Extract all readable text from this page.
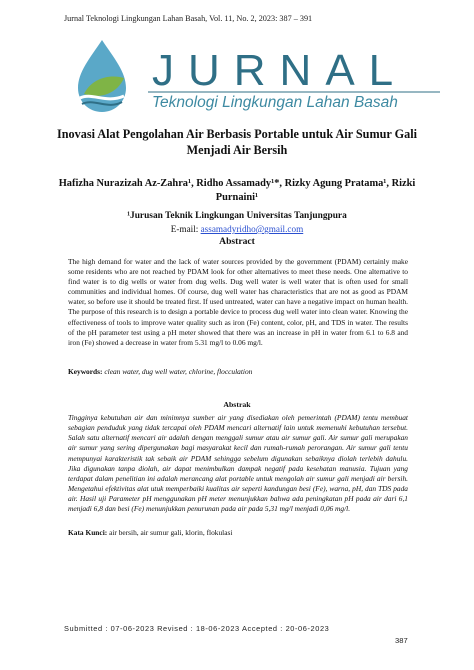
Jurnal Teknologi Lingkungan Lahan Basah, Vol. 11, No. 2, 2023: 387 – 391
JURNAL
Teknologi Lingkungan Lahan Basah
Inovasi Alat Pengolahan Air Berbasis Portable untuk Air Sumur Gali Menjadi Air Bersih
Hafizha Nurazizah Az-Zahra¹, Ridho Assamady¹*, Rizky Agung Pratama¹, Rizki
Purnaini¹
¹Jurusan Teknik Lingkungan Universitas Tanjungpura
E-mail: assamadyridho@gmail.com
Abstract
The high demand for water and the lack of water sources provided by the government (PDAM) certainly make some residents who are not reached by PDAM look for other alternatives to meet these needs. One alternative to find water is to dig wells or water from dug wells. Dug well water is well water that is often used for small communities and individual homes. Of course, dug well water has characteristics that are not as good as PDAM water, so before use it should be treated first. If used untreated, water can have a negative impact on human health. The purpose of this research is to design a portable device to process dug well water into clean water. Knowing the effectiveness of tools to improve water quality such as iron (Fe) content, color, pH, and TDS in water. The results of the pH parameter test using a pH meter showed that there was an increase in pH in water from 6.1 to 6.8 and iron (Fe) showed a decrease in water from 5.31 mg/l to 0.06 mg/l.
Keywords: clean water, dug well water, chlorine, flocculation
Abstrak
Tingginya kebutuhan air dan minimnya sumber air yang disediakan oleh pemerintah (PDAM) tentu membuat sebagian penduduk yang tidak tercapai oleh PDAM mencari alternatif lain untuk memenuhi kebutuhan tersebut. Salah satu alternatif mencari air adalah dengan menggali sumur atau air sumur gali. Air sumur gali merupakan air sumur yang sering dipergunakan bagi masyarakat kecil dan rumah-rumah perorangan. Air sumur gali tentu mempunyai karakteristik tak sebaik air PDAM sehingga sebelum digunakan sebaiknya diolah terlebih dahulu. Jika digunakan tanpa diolah, air dapat menimbulkan dampak negatif pada kesehatan manusia. Tujuan yang terdapat dalam penelitian ini adalah merancang alat portable untuk mengolah air sumur gali menjadi air bersih. Mengetahui efektivitas alat utuk memperbaiki kualitas air seperti kandungan besi (Fe), warna, pH, dan TDS pada air. Hasil uji Parameter pH menggunakan pH meter menunjukkan bahwa ada peningkatan pH pada air dari 6,1 menjadi 6,8 dan besi (Fe) menunjukkan penurunan pada air pada 5,31 mg/l menjadi 0,06 mg/l.
Kata Kunci: air bersih, air sumur gali, klorin, flokulasi
Submitted : 07-06-2023 Revised : 18-06-2023 Accepted : 20-06-2023
387
